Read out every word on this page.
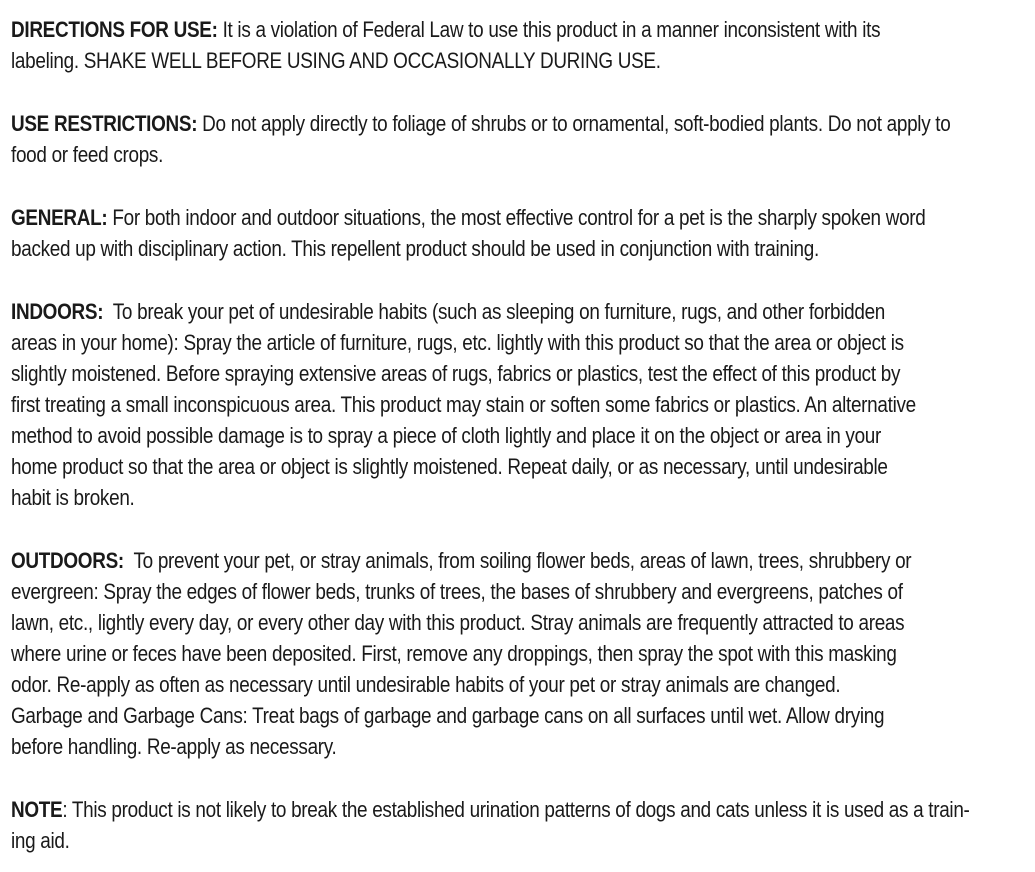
DIRECTIONS FOR USE: It is a violation of Federal Law to use this product in a manner inconsistent with its
labeling. SHAKE WELL BEFORE USING AND OCCASIONALLY DURING USE.
USE RESTRICTIONS: Do not apply directly to foliage of shrubs or to ornamental, soft-bodied plants. Do not apply to
food or feed crops.
GENERAL: For both indoor and outdoor situations, the most effective control for a pet is the sharply spoken word
backed up with disciplinary action. This repellent product should be used in conjunction with training.
INDOORS:  To break your pet of undesirable habits (such as sleeping on furniture, rugs, and other forbidden
areas in your home): Spray the article of furniture, rugs, etc. lightly with this product so that the area or object is
slightly moistened. Before spraying extensive areas of rugs, fabrics or plastics, test the effect of this product by
first treating a small inconspicuous area. This product may stain or soften some fabrics or plastics. An alternative
method to avoid possible damage is to spray a piece of cloth lightly and place it on the object or area in your
home product so that the area or object is slightly moistened. Repeat daily, or as necessary, until undesirable
habit is broken.
OUTDOORS:  To prevent your pet, or stray animals, from soiling flower beds, areas of lawn, trees, shrubbery or
evergreen: Spray the edges of flower beds, trunks of trees, the bases of shrubbery and evergreens, patches of
lawn, etc., lightly every day, or every other day with this product. Stray animals are frequently attracted to areas
where urine or feces have been deposited. First, remove any droppings, then spray the spot with this masking
odor. Re-apply as often as necessary until undesirable habits of your pet or stray animals are changed.
Garbage and Garbage Cans: Treat bags of garbage and garbage cans on all surfaces until wet. Allow drying
before handling. Re-apply as necessary.
NOTE: This product is not likely to break the established urination patterns of dogs and cats unless it is used as a train-
ing aid.
